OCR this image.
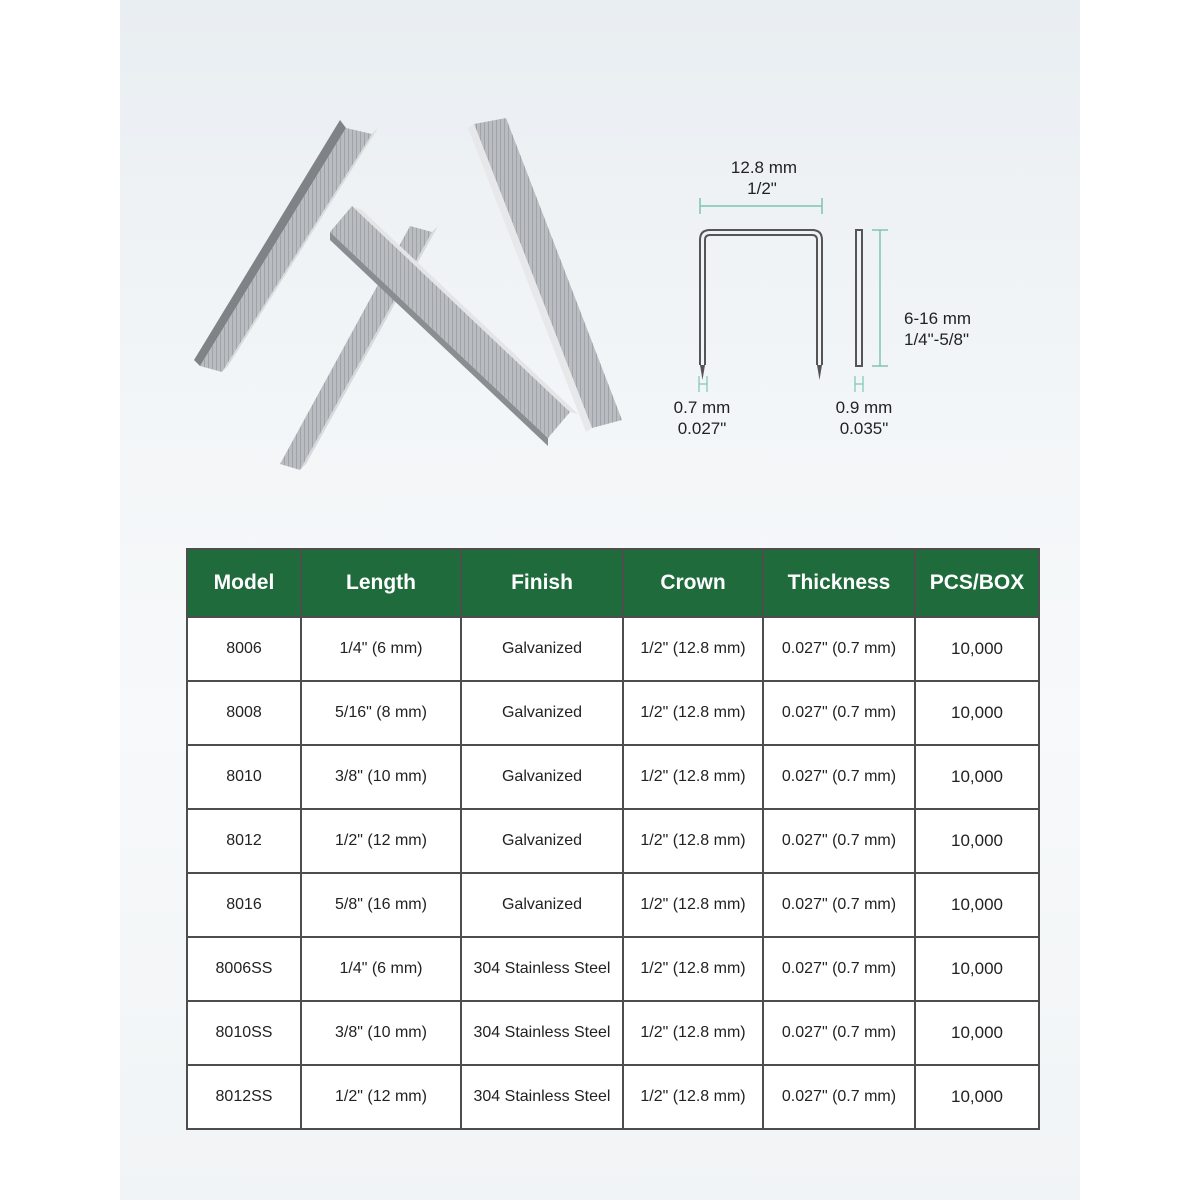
12.8 mm
1/2"
6-16 mm
1/4"-5/8"
0.7 mm
0.027"
0.9 mm
0.035"
Model	Length	Finish	Crown	Thickness	PCS/BOX
8006	1/4" (6 mm)	Galvanized	1/2" (12.8 mm)	0.027" (0.7 mm)	10,000
8008	5/16" (8 mm)	Galvanized	1/2" (12.8 mm)	0.027" (0.7 mm)	10,000
8010	3/8" (10 mm)	Galvanized	1/2" (12.8 mm)	0.027" (0.7 mm)	10,000
8012	1/2" (12 mm)	Galvanized	1/2" (12.8 mm)	0.027" (0.7 mm)	10,000
8016	5/8" (16 mm)	Galvanized	1/2" (12.8 mm)	0.027" (0.7 mm)	10,000
8006SS	1/4" (6 mm)	304 Stainless Steel	1/2" (12.8 mm)	0.027" (0.7 mm)	10,000
8010SS	3/8" (10 mm)	304 Stainless Steel	1/2" (12.8 mm)	0.027" (0.7 mm)	10,000
8012SS	1/2" (12 mm)	304 Stainless Steel	1/2" (12.8 mm)	0.027" (0.7 mm)	10,000
